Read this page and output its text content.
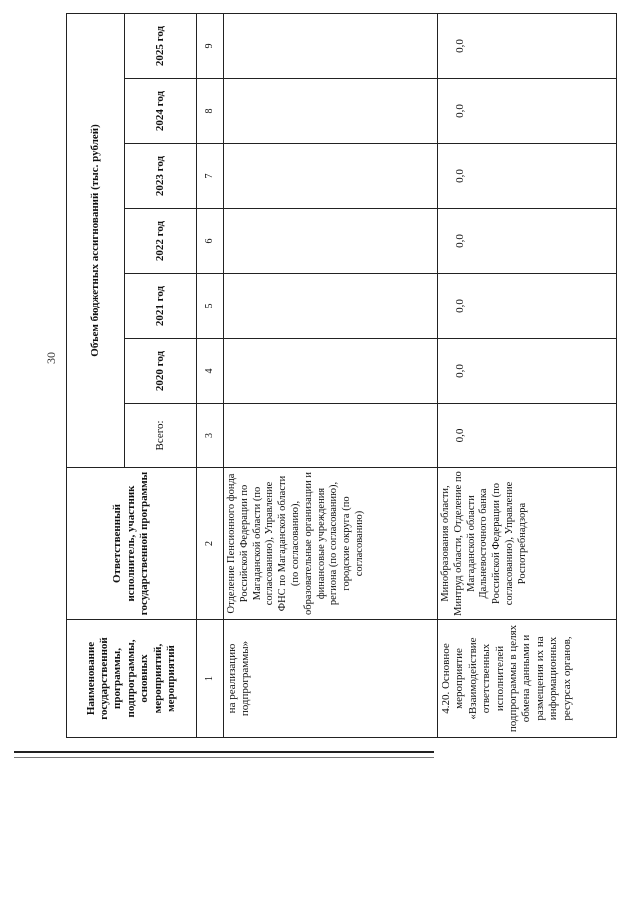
30
Наименование государственной программы, подпрограммы, основных мероприятий, мероприятий	Ответственный исполнитель, участник государственной программы	Объем бюджетных ассигнований (тыс. рублей)						
		Всего:	2020 год	2021 год	2022 год	2023 год	2024 год	2025 год
1	2	3	4	5	6	7	8	9
на реализацию подпрограммы»	Отделение Пенсионного фонда Российской Федерации по Магаданской области (по согласованию), Управление ФНС по Магаданской области (по согласованию), образовательные организации и финансовые учреждения региона (по согласованию), городские округа (по согласованию)							
4.20. Основное мероприятие «Взаимодействие ответственных исполнителей подпрограммы в целях обмена данными и размещения их на информационных ресурсах органов,	Минобразования области, Минтруд области, Отделение по Магаданской области Дальневосточного банка Российской Федерации (по согласованию), Управление Роспотребнадзора	0,0	0,0	0,0	0,0	0,0	0,0	0,0
